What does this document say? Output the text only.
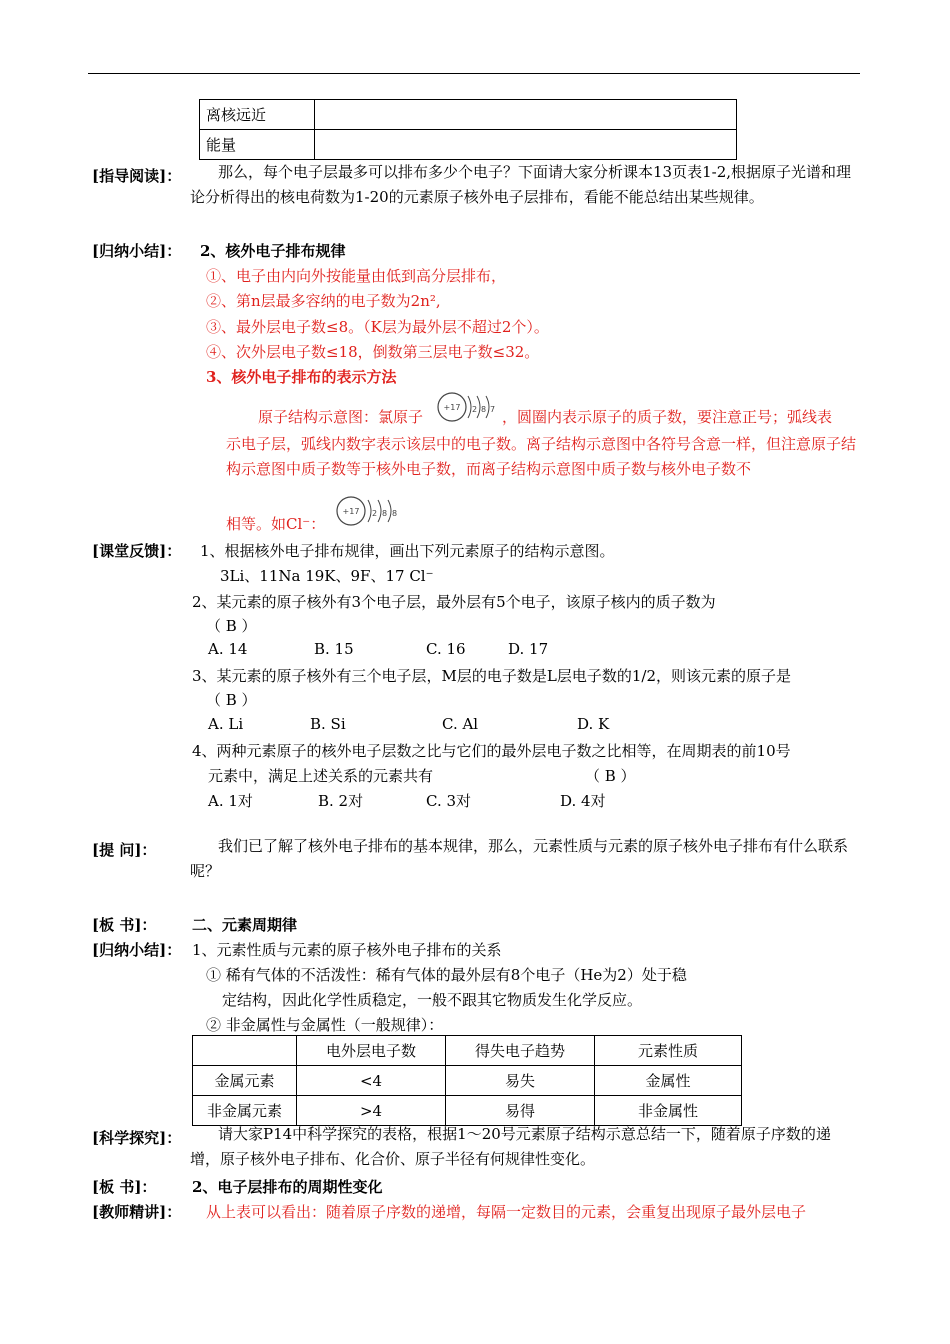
离核远近	
能量	
[指导阅读]：	那么，每个电子层最多可以排布多少个电子？下面请大家分析课本13页表1-2,根据原子光谱和理论分析得出的核电荷数为1-20的元素原子核外电子层排布，看能不能总结出某些规律。
[归纳小结]： 2、核外电子排布规律
①、电子由内向外按能量由低到高分层排布，
②、第n层最多容纳的电子数为2n²,
③、最外层电子数≤8。（K层为最外层不超过2个）。
④、次外层电子数≤18，倒数第三层电子数≤32。
3、核外电子排布的表示方法
原子结构示意图：氯原子
+17 2 8 7 ，圆圈内表示原子的质子数，要注意正号；弧线表
示电子层，弧线内数字表示该层中的电子数。离子结构示意图中各符号含意一样，但注意原子结构示意图中质子数等于核外电子数，而离子结构示意图中质子数与核外电子数不
相等。如Cl⁻：
+17 2 8 8
[课堂反馈]： 1、根据核外电子排布规律，画出下列元素原子的结构示意图。
3Li、11Na 19K、9F、17 Cl⁻
2、某元素的原子核外有3个电子层，最外层有5个电子，该原子核内的质子数为
（ B ）
A. 14	B. 15	C. 16	D. 17
3、某元素的原子核外有三个电子层，M层的电子数是L层电子数的1/2，则该元素的原子是
（ B ）
A. Li	B. Si	C. Al	D. K
4、两种元素原子的核外电子层数之比与它们的最外层电子数之比相等，在周期表的前10号
元素中，满足上述关系的元素共有	（ B ）
A. 1对	B. 2对	C. 3对	D. 4对
[提 问]：	我们已了解了核外电子排布的基本规律，那么，元素性质与元素的原子核外电子排布有什么联系呢？
[板 书]： 二、元素周期律
[归纳小结]： 1、元素性质与元素的原子核外电子排布的关系
① 稀有气体的不活泼性：稀有气体的最外层有8个电子（He为2）处于稳
定结构，因此化学性质稳定，一般不跟其它物质发生化学反应。
② 非金属性与金属性（一般规律）：
	电外层电子数	得失电子趋势	元素性质
金属元素	<4	易失	金属性
非金属元素	>4	易得	非金属性
[科学探究]：	请大家P14中科学探究的表格，根据1～20号元素原子结构示意总结一下，随着原子序数的递增，原子核外电子排布、化合价、原子半径有何规律性变化。
[板 书]： 2、电子层排布的周期性变化
[教师精讲]： 从上表可以看出：随着原子序数的递增，每隔一定数目的元素，会重复出现原子最外层电子
